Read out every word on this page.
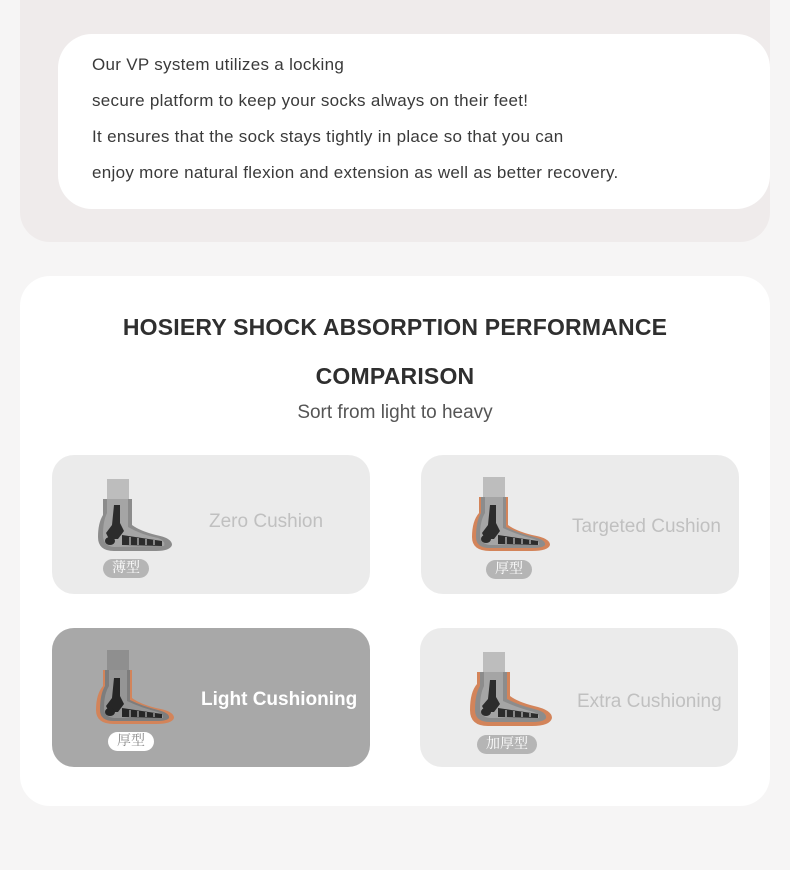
Our VP system utilizes a locking
secure platform to keep your socks always on their feet!
It ensures that the sock stays tightly in place so that you can
enjoy more natural flexion and extension as well as better recovery.
HOSIERY SHOCK ABSORPTION PERFORMANCE
COMPARISON
Sort from light to heavy
薄型
Zero Cushion
厚型
Targeted Cushion
厚型
Light Cushioning
加厚型
Extra Cushioning
